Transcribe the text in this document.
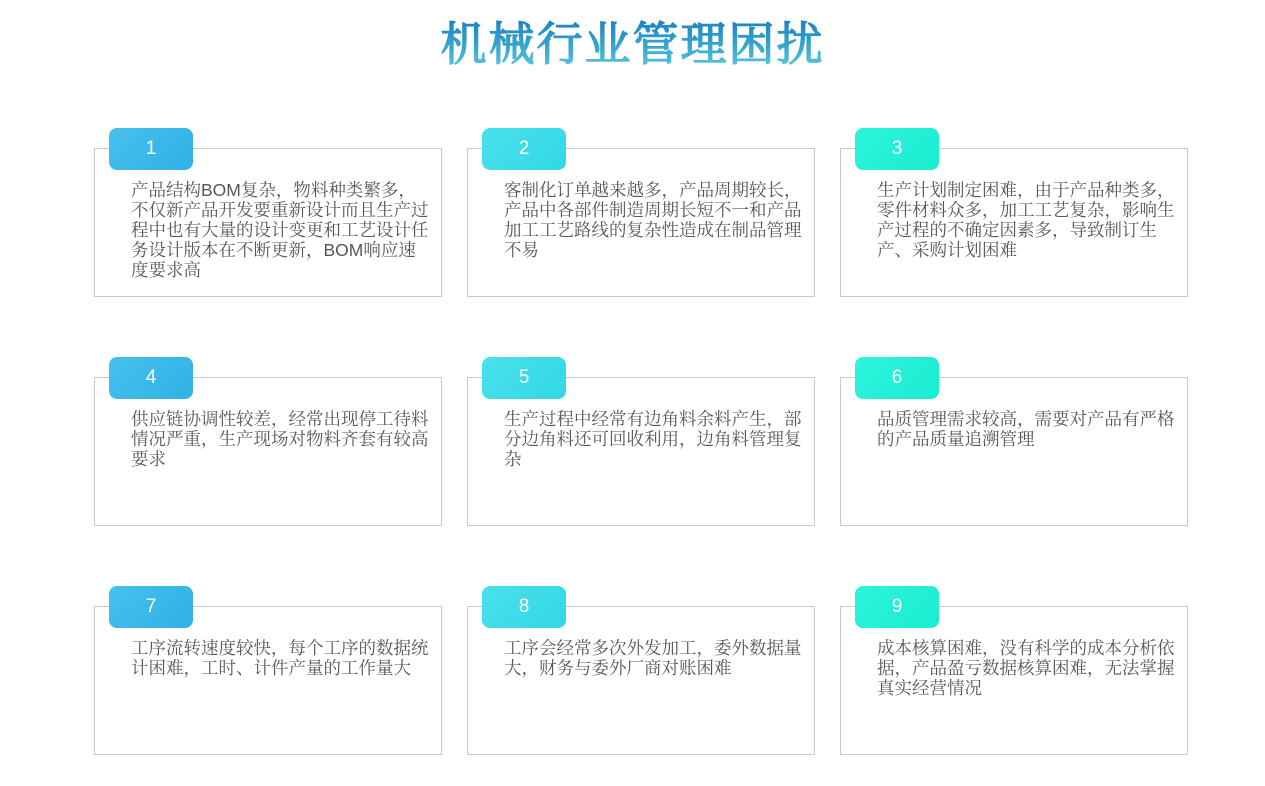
机械行业管理困扰
1

产品结构BOM复杂，物料种类繁多，不仅新产品开发要重新设计而且生产过程中也有大量的设计变更和工艺设计任务设计版本在不断更新，BOM响应速度要求高

2

客制化订单越来越多，产品周期较长，产品中各部件制造周期长短不一和产品加工工艺路线的复杂性造成在制品管理不易

3

生产计划制定困难，由于产品种类多，零件材料众多，加工工艺复杂，影响生产过程的不确定因素多，导致制订生产、采购计划困难

4

供应链协调性较差，经常出现停工待料情况严重，生产现场对物料齐套有较高要求

5

生产过程中经常有边角料余料产生，部分边角料还可回收利用，边角料管理复杂

6

品质管理需求较高，需要对产品有严格的产品质量追溯管理

7

工序流转速度较快，每个工序的数据统计困难，工时、计件产量的工作量大

8

工序会经常多次外发加工，委外数据量大，财务与委外厂商对账困难

9

成本核算困难，没有科学的成本分析依据，产品盈亏数据核算困难，无法掌握真实经营情况
